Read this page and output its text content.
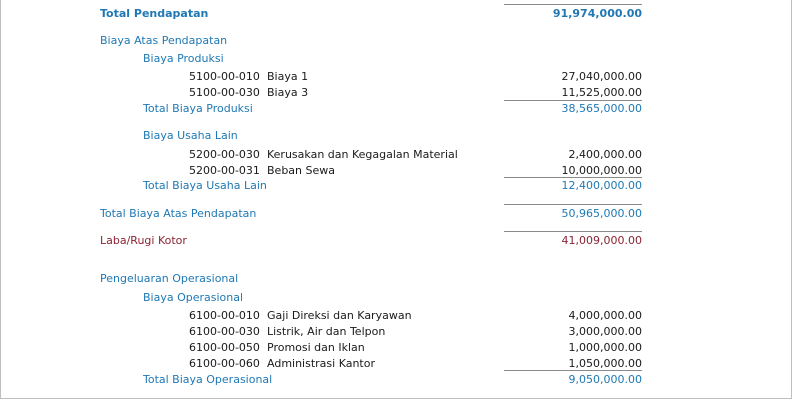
Total Pendapatan	91,974,000.00
Biaya Atas Pendapatan
Biaya Produksi
5100-00-010 Biaya 1	27,040,000.00
5100-00-030 Biaya 3	11,525,000.00
Total Biaya Produksi	38,565,000.00
Biaya Usaha Lain
5200-00-030 Kerusakan dan Kegagalan Material	2,400,000.00
5200-00-031 Beban Sewa	10,000,000.00
Total Biaya Usaha Lain	12,400,000.00
Total Biaya Atas Pendapatan	50,965,000.00
Laba/Rugi Kotor	41,009,000.00
Pengeluaran Operasional
Biaya Operasional
6100-00-010 Gaji Direksi dan Karyawan	4,000,000.00
6100-00-030 Listrik, Air dan Telpon	3,000,000.00
6100-00-050 Promosi dan Iklan	1,000,000.00
6100-00-060 Administrasi Kantor	1,050,000.00
Total Biaya Operasional	9,050,000.00
